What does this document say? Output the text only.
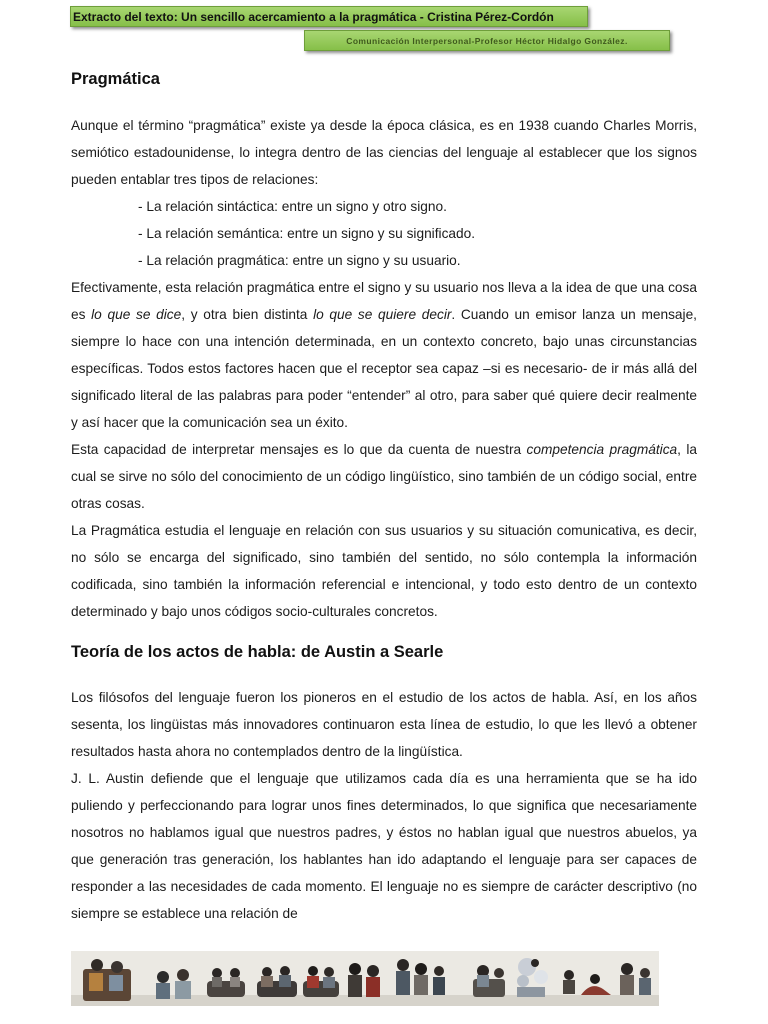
Extracto del texto: Un sencillo acercamiento a la pragmática - Cristina Pérez-Cordón
Comunicación Interpersonal-Profesor Héctor Hidalgo González.
Pragmática

Aunque el término “pragmática” existe ya desde la época clásica, es en 1938 cuando Charles Morris, semiótico estadounidense, lo integra dentro de las ciencias del lenguaje al establecer que los signos pueden entablar tres tipos de relaciones:

- La relación sintáctica: entre un signo y otro signo.
- La relación semántica: entre un signo y su significado.
- La relación pragmática: entre un signo y su usuario.

Efectivamente, esta relación pragmática entre el signo y su usuario nos lleva a la idea de que una cosa es lo que se dice, y otra bien distinta lo que se quiere decir. Cuando un emisor lanza un mensaje, siempre lo hace con una intención determinada, en un contexto concreto, bajo unas circunstancias específicas. Todos estos factores hacen que el receptor sea capaz –si es necesario- de ir más allá del significado literal de las palabras para poder “entender” al otro, para saber qué quiere decir realmente y así hacer que la comunicación sea un éxito.

Esta capacidad de interpretar mensajes es lo que da cuenta de nuestra competencia pragmática, la cual se sirve no sólo del conocimiento de un código lingüístico, sino también de un código social, entre otras cosas.

La Pragmática estudia el lenguaje en relación con sus usuarios y su situación comunicativa, es decir, no sólo se encarga del significado, sino también del sentido, no sólo contempla la información codificada, sino también la información referencial e intencional, y todo esto dentro de un contexto determinado y bajo unos códigos socio-culturales concretos.

Teoría de los actos de habla: de Austin a Searle

Los filósofos del lenguaje fueron los pioneros en el estudio de los actos de habla. Así, en los años sesenta, los lingüistas más innovadores continuaron esta línea de estudio, lo que les llevó a obtener resultados hasta ahora no contemplados dentro de la lingüística.

J. L. Austin defiende que el lenguaje que utilizamos cada día es una herramienta que se ha ido puliendo y perfeccionando para lograr unos fines determinados, lo que significa que necesariamente nosotros no hablamos igual que nuestros padres, y éstos no hablan igual que nuestros abuelos, ya que generación tras generación, los hablantes han ido adaptando el lenguaje para ser capaces de responder a las necesidades de cada momento. El lenguaje no es siempre de carácter descriptivo (no siempre se establece una relación de
